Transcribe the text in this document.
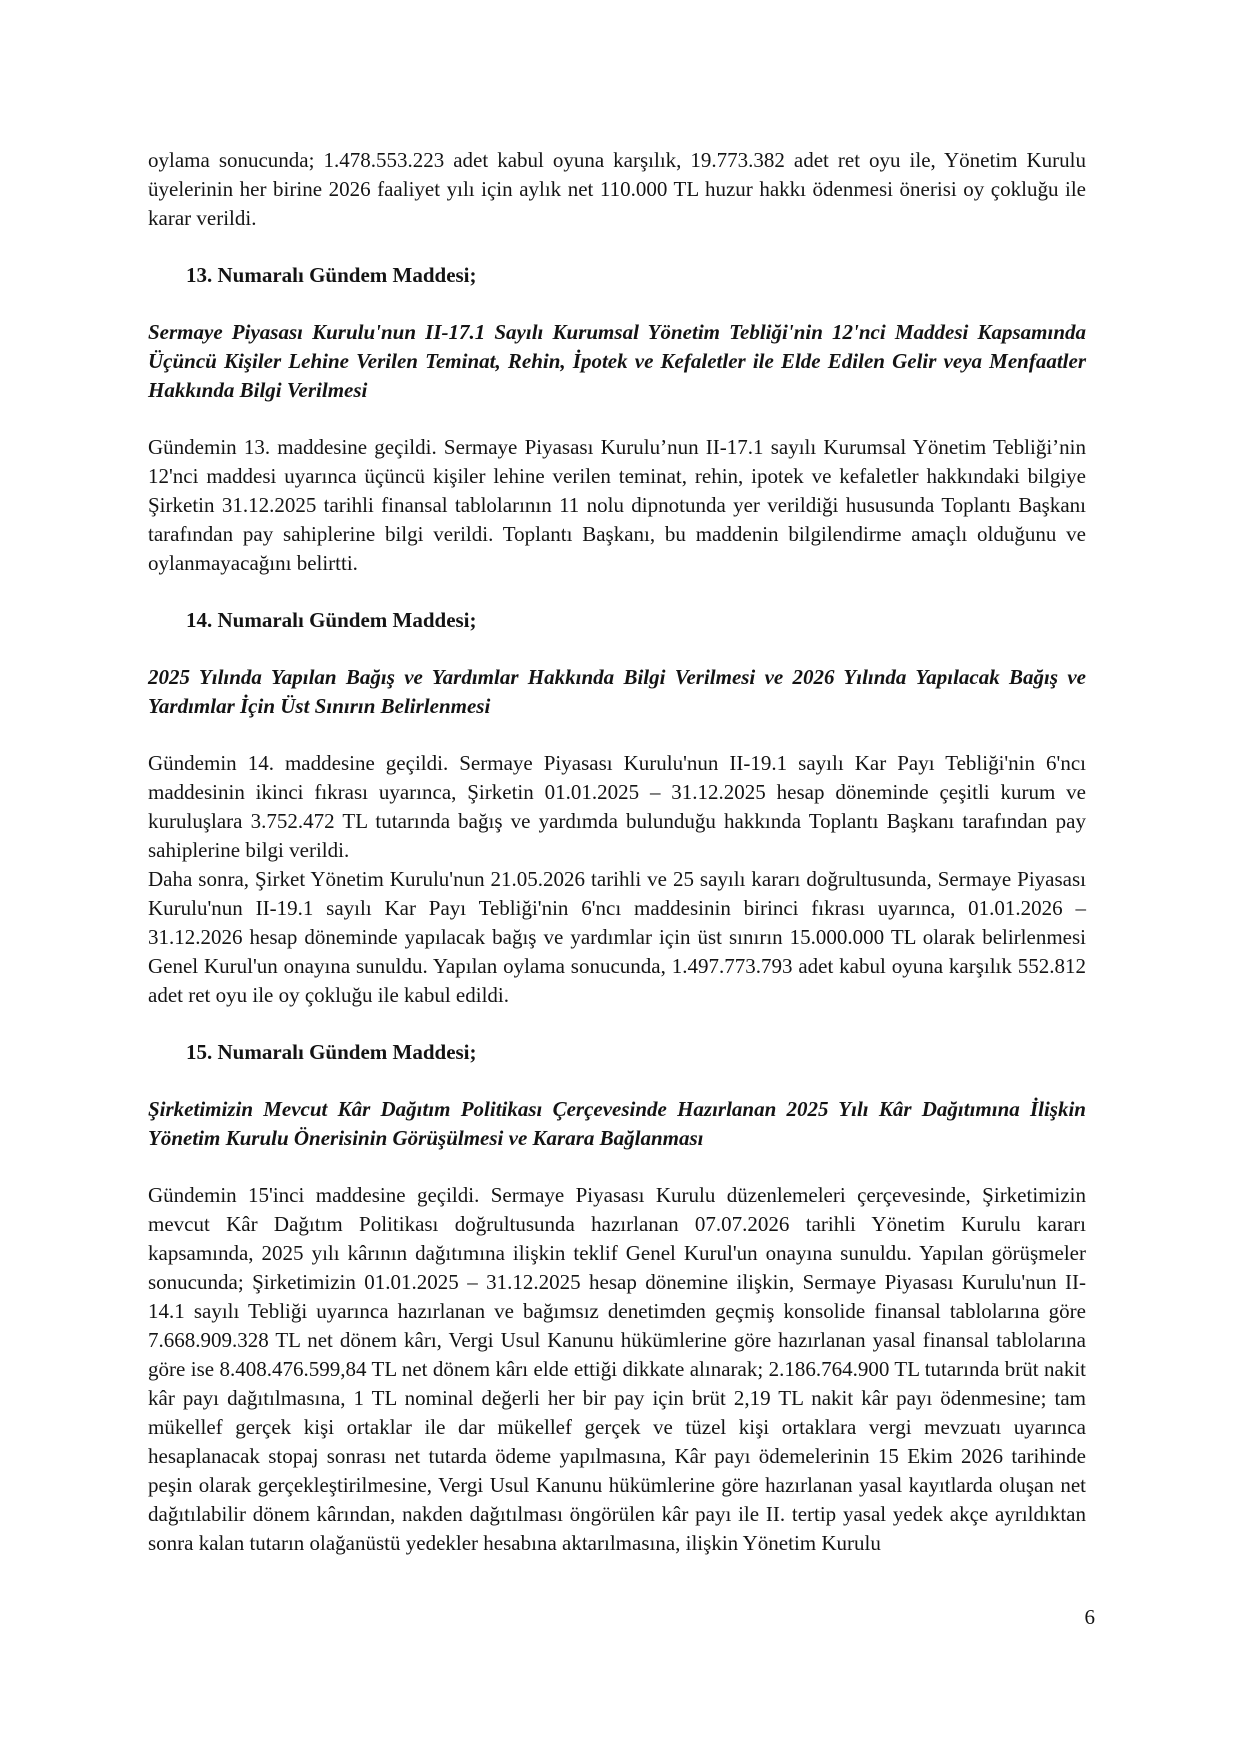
oylama sonucunda; 1.478.553.223 adet kabul oyuna karşılık, 19.773.382 adet ret oyu ile, Yönetim Kurulu üyelerinin her birine 2026 faaliyet yılı için aylık net 110.000 TL huzur hakkı ödenmesi önerisi oy çokluğu ile karar verildi.

13. Numaralı Gündem Maddesi;

Sermaye Piyasası Kurulu'nun II-17.1 Sayılı Kurumsal Yönetim Tebliği'nin 12'nci Maddesi Kapsamında Üçüncü Kişiler Lehine Verilen Teminat, Rehin, İpotek ve Kefaletler ile Elde Edilen Gelir veya Menfaatler Hakkında Bilgi Verilmesi

Gündemin 13. maddesine geçildi. Sermaye Piyasası Kurulu’nun II-17.1 sayılı Kurumsal Yönetim Tebliği’nin 12'nci maddesi uyarınca üçüncü kişiler lehine verilen teminat, rehin, ipotek ve kefaletler hakkındaki bilgiye Şirketin 31.12.2025 tarihli finansal tablolarının 11 nolu dipnotunda yer verildiği hususunda Toplantı Başkanı tarafından pay sahiplerine bilgi verildi. Toplantı Başkanı, bu maddenin bilgilendirme amaçlı olduğunu ve oylanmayacağını belirtti.

14. Numaralı Gündem Maddesi;

2025 Yılında Yapılan Bağış ve Yardımlar Hakkında Bilgi Verilmesi ve 2026 Yılında Yapılacak Bağış ve Yardımlar İçin Üst Sınırın Belirlenmesi

Gündemin 14. maddesine geçildi. Sermaye Piyasası Kurulu'nun II-19.1 sayılı Kar Payı Tebliği'nin 6'ncı maddesinin ikinci fıkrası uyarınca, Şirketin 01.01.2025 – 31.12.2025 hesap döneminde çeşitli kurum ve kuruluşlara 3.752.472 TL tutarında bağış ve yardımda bulunduğu hakkında Toplantı Başkanı tarafından pay sahiplerine bilgi verildi.

Daha sonra, Şirket Yönetim Kurulu'nun 21.05.2026 tarihli ve 25 sayılı kararı doğrultusunda, Sermaye Piyasası Kurulu'nun II-19.1 sayılı Kar Payı Tebliği'nin 6'ncı maddesinin birinci fıkrası uyarınca, 01.01.2026 – 31.12.2026 hesap döneminde yapılacak bağış ve yardımlar için üst sınırın 15.000.000 TL olarak belirlenmesi Genel Kurul'un onayına sunuldu. Yapılan oylama sonucunda, 1.497.773.793 adet kabul oyuna karşılık 552.812 adet ret oyu ile oy çokluğu ile kabul edildi.

15. Numaralı Gündem Maddesi;

Şirketimizin Mevcut Kâr Dağıtım Politikası Çerçevesinde Hazırlanan 2025 Yılı Kâr Dağıtımına İlişkin Yönetim Kurulu Önerisinin Görüşülmesi ve Karara Bağlanması

Gündemin 15'inci maddesine geçildi. Sermaye Piyasası Kurulu düzenlemeleri çerçevesinde, Şirketimizin mevcut Kâr Dağıtım Politikası doğrultusunda hazırlanan 07.07.2026 tarihli Yönetim Kurulu kararı kapsamında, 2025 yılı kârının dağıtımına ilişkin teklif Genel Kurul'un onayına sunuldu. Yapılan görüşmeler sonucunda; Şirketimizin 01.01.2025 – 31.12.2025 hesap dönemine ilişkin, Sermaye Piyasası Kurulu'nun II-14.1 sayılı Tebliği uyarınca hazırlanan ve bağımsız denetimden geçmiş konsolide finansal tablolarına göre 7.668.909.328 TL net dönem kârı, Vergi Usul Kanunu hükümlerine göre hazırlanan yasal finansal tablolarına göre ise 8.408.476.599,84 TL net dönem kârı elde ettiği dikkate alınarak; 2.186.764.900 TL tutarında brüt nakit kâr payı dağıtılmasına, 1 TL nominal değerli her bir pay için brüt 2,19 TL nakit kâr payı ödenmesine; tam mükellef gerçek kişi ortaklar ile dar mükellef gerçek ve tüzel kişi ortaklara vergi mevzuatı uyarınca hesaplanacak stopaj sonrası net tutarda ödeme yapılmasına, Kâr payı ödemelerinin 15 Ekim 2026 tarihinde peşin olarak gerçekleştirilmesine, Vergi Usul Kanunu hükümlerine göre hazırlanan yasal kayıtlarda oluşan net dağıtılabilir dönem kârından, nakden dağıtılması öngörülen kâr payı ile II. tertip yasal yedek akçe ayrıldıktan sonra kalan tutarın olağanüstü yedekler hesabına aktarılmasına, ilişkin Yönetim Kurulu

6
